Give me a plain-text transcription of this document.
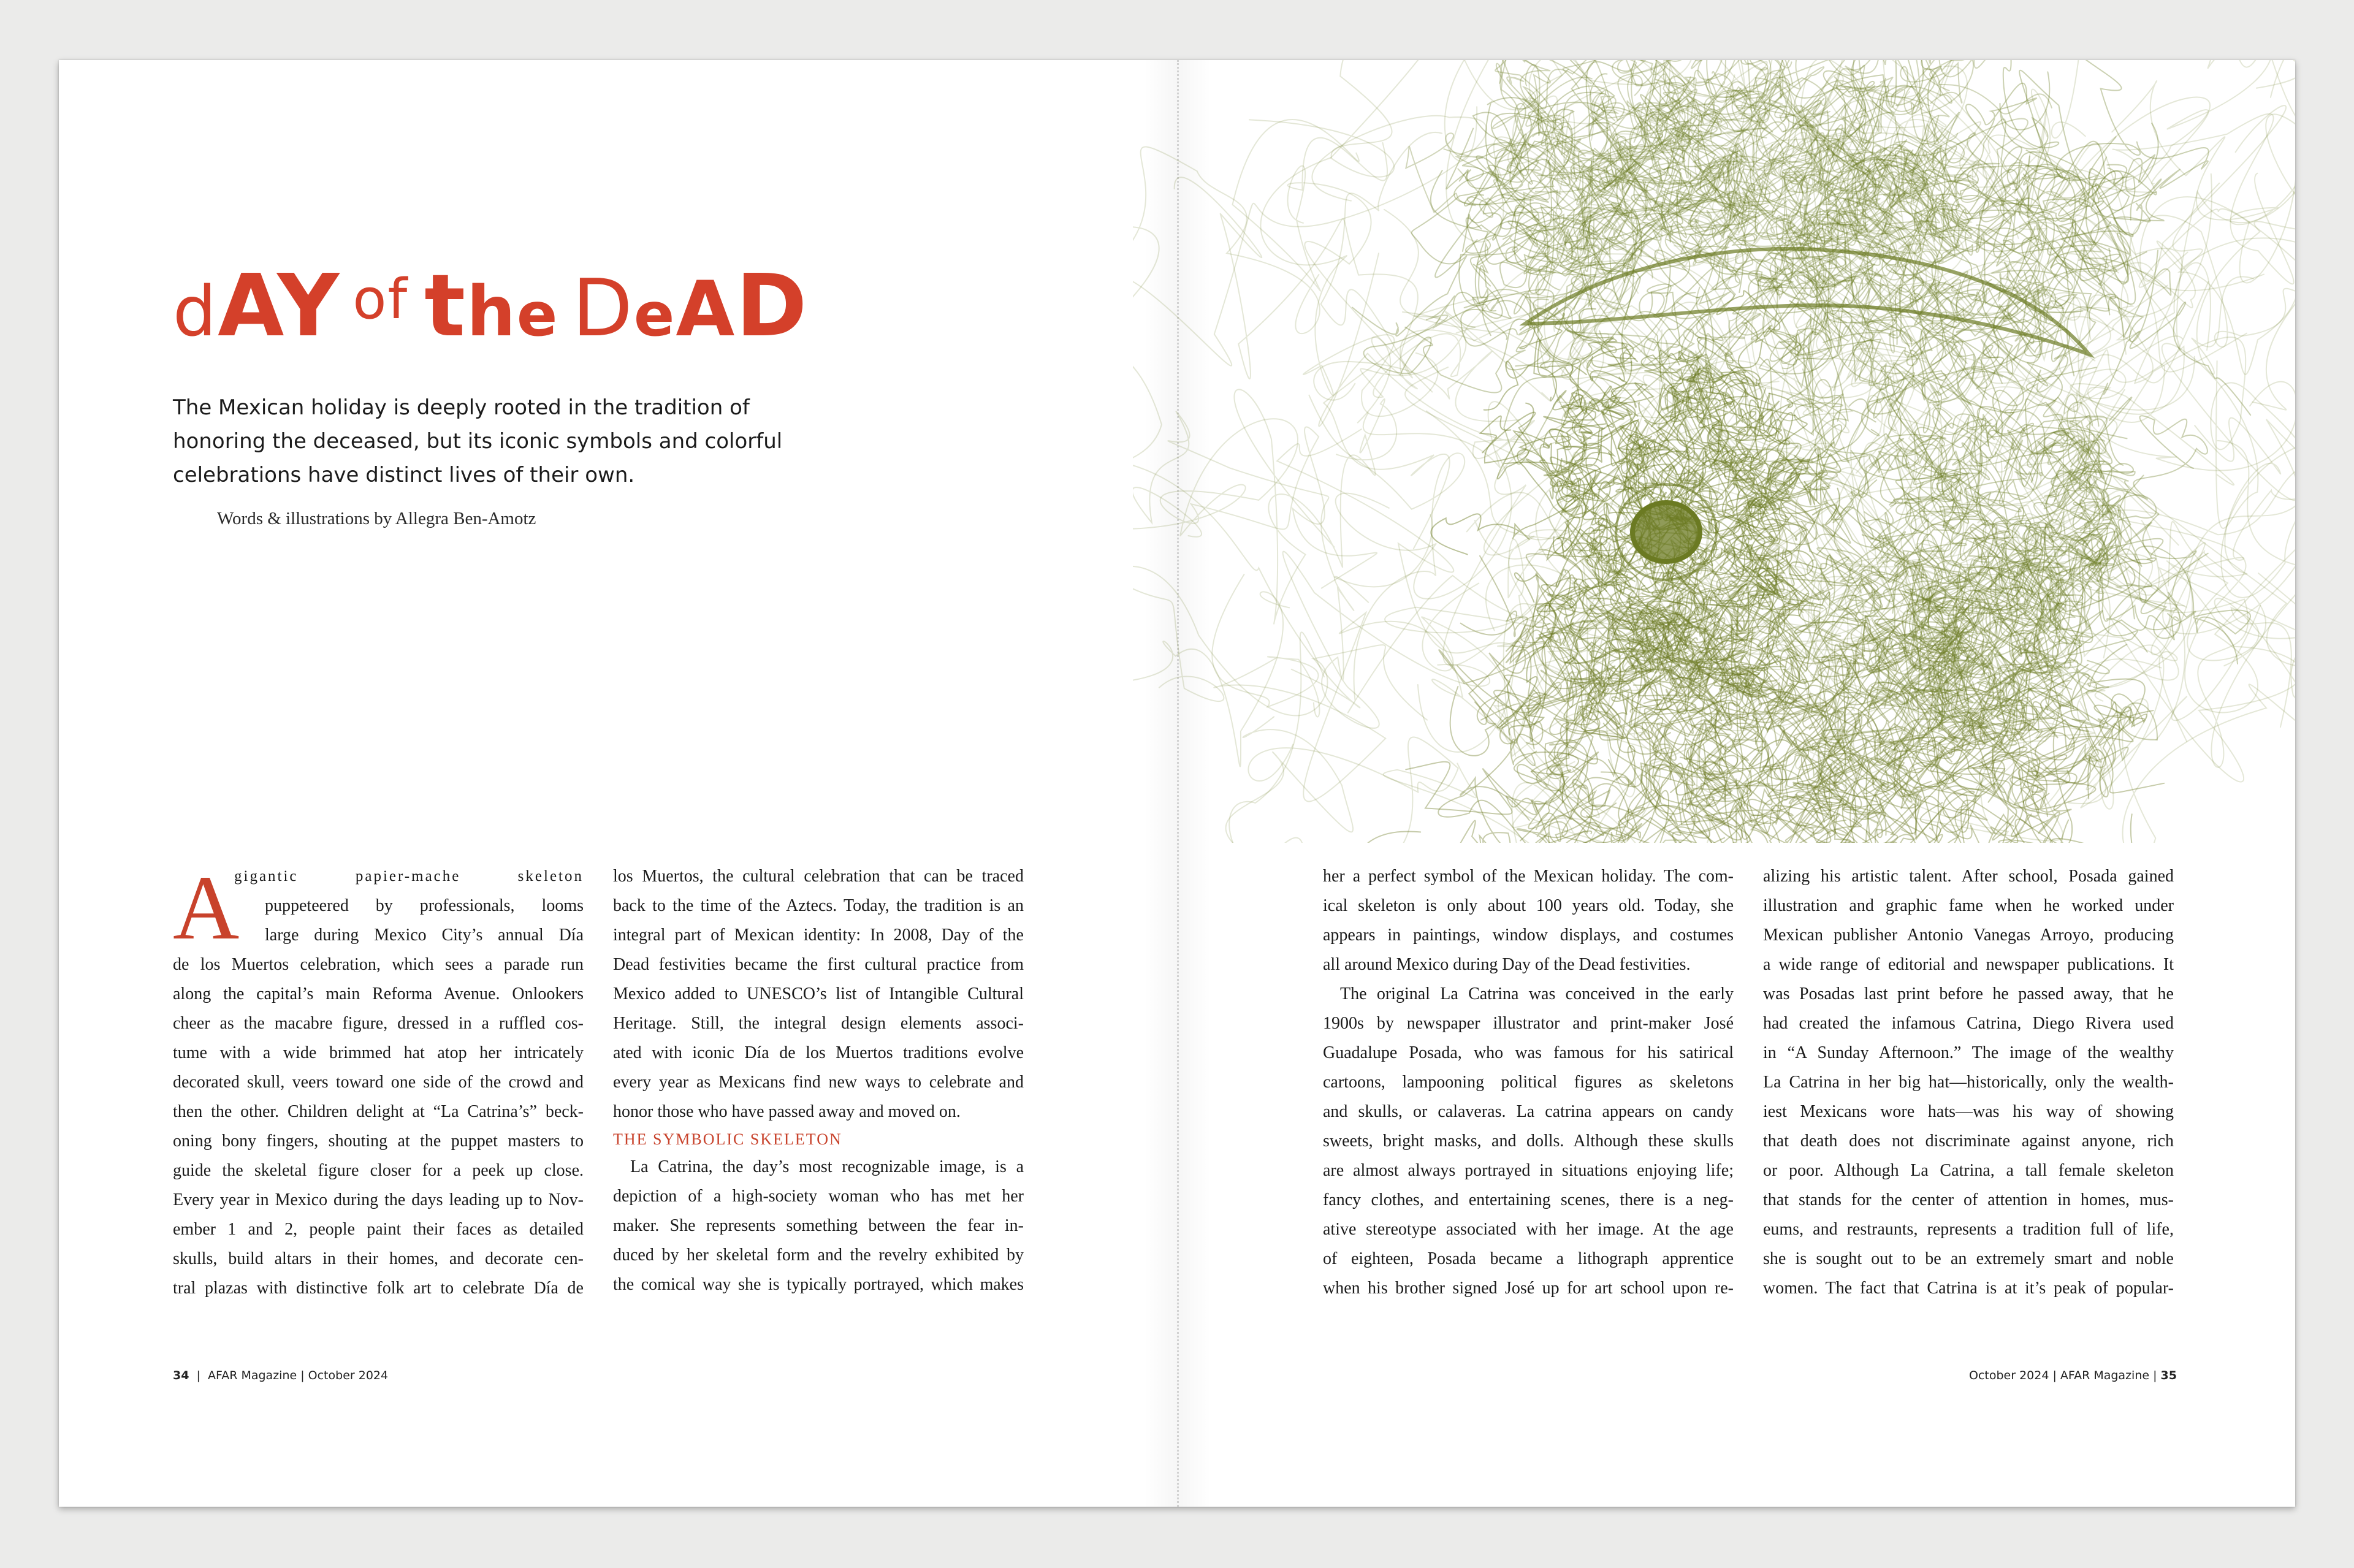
dAY of the DeAD
The Mexican holiday is deeply rooted in the tradition of
honoring the deceased, but its iconic symbols and colorful
celebrations have distinct lives of their own.
Words & illustrations by Allegra Ben-Amotz
A
gigantic papier-mache skeleton
puppeteered by professionals, looms
large during Mexico City’s annual Día
de los Muertos celebration, which sees a parade run
along the capital’s main Reforma Avenue. Onlookers
cheer as the macabre figure, dressed in a ruffled cos-
tume with a wide brimmed hat atop her intricately
decorated skull, veers toward one side of the crowd and
then the other. Children delight at “La Catrina’s” beck-
oning bony fingers, shouting at the puppet masters to
guide the skeletal figure closer for a peek up close.
Every year in Mexico during the days leading up to Nov-
ember 1 and 2, people paint their faces as detailed
skulls, build altars in their homes, and decorate cen-
tral plazas with distinctive folk art to celebrate Día de
los Muertos, the cultural celebration that can be traced
back to the time of the Aztecs. Today, the tradition is an
integral part of Mexican identity: In 2008, Day of the
Dead festivities became the first cultural practice from
Mexico added to UNESCO’s list of Intangible Cultural
Heritage. Still, the integral design elements associ-
ated with iconic Día de los Muertos traditions evolve
every year as Mexicans find new ways to celebrate and
honor those who have passed away and moved on.
THE SYMBOLIC SKELETON
La Catrina, the day’s most recognizable image, is a
depiction of a high-society woman who has met her
maker. She represents something between the fear in-
duced by her skeletal form and the revelry exhibited by
the comical way she is typically portrayed, which makes
34  |  AFAR Magazine | October 2024
her a perfect symbol of the Mexican holiday. The com-
ical skeleton is only about 100 years old. Today, she
appears in paintings, window displays, and costumes
all around Mexico during Day of the Dead festivities.
The original La Catrina was conceived in the early
1900s by newspaper illustrator and print-maker José
Guadalupe Posada, who was famous for his satirical
cartoons, lampooning political figures as skeletons
and skulls, or calaveras. La catrina appears on candy
sweets, bright masks, and dolls. Although these skulls
are almost always portrayed in situations enjoying life;
fancy clothes, and entertaining scenes, there is a neg-
ative stereotype associated with her image. At the age
of eighteen, Posada became a lithograph apprentice
when his brother signed José up for art school upon re-
alizing his artistic talent. After school, Posada gained
illustration and graphic fame when he worked under
Mexican publisher Antonio Vanegas Arroyo, producing
a wide range of editorial and newspaper publications. It
was Posadas last print before he passed away, that he
had created the infamous Catrina, Diego Rivera used
in “A Sunday Afternoon.” The image of the wealthy
La Catrina in her big hat—historically, only the wealth-
iest Mexicans wore hats—was his way of showing
that death does not discriminate against anyone, rich
or poor. Although La Catrina, a tall female skeleton
that stands for the center of attention in homes, mus-
eums, and restraunts, represents a tradition full of life,
she is sought out to be an extremely smart and noble
women. The fact that Catrina is at it’s peak of popular-
October 2024 | AFAR Magazine | 35
